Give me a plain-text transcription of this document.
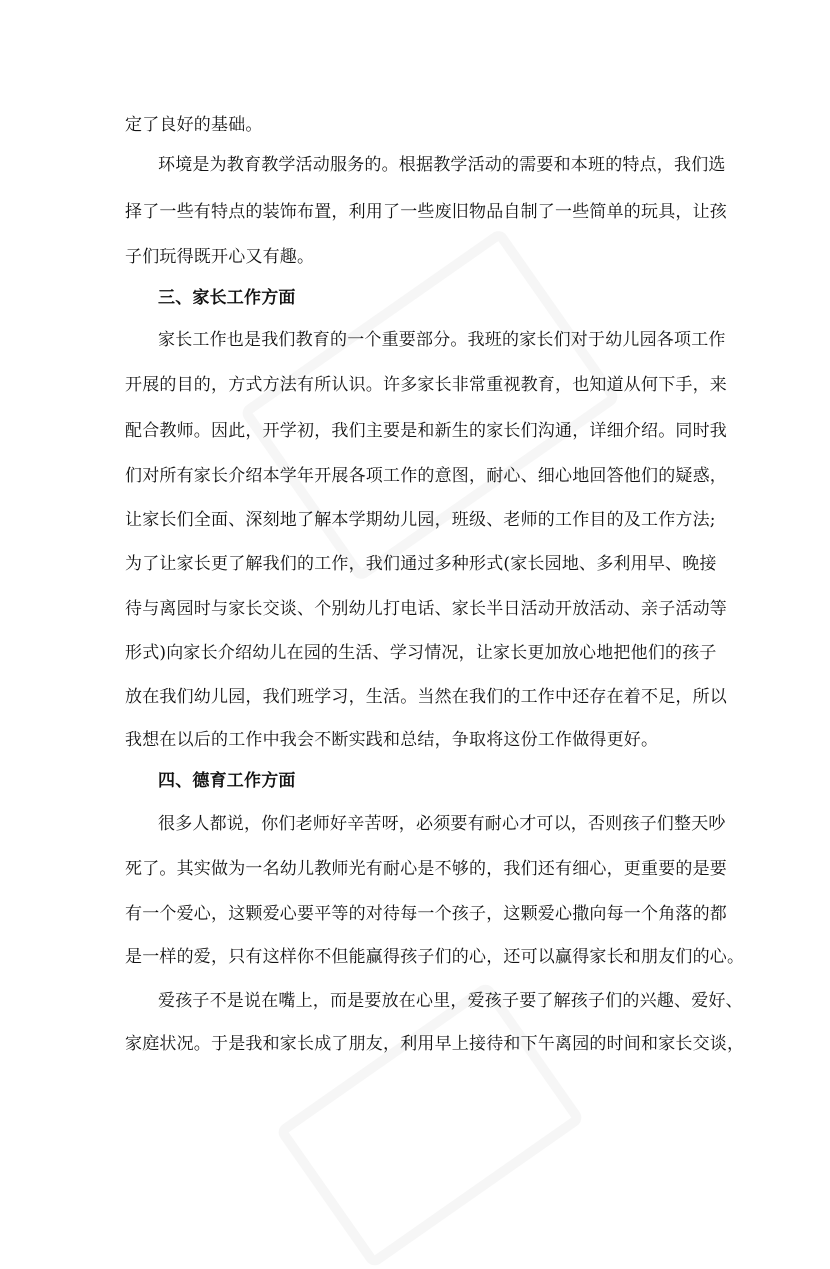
定了良好的基础。
环境是为教育教学活动服务的。根据教学活动的需要和本班的特点，我们选
择了一些有特点的装饰布置，利用了一些废旧物品自制了一些简单的玩具，让孩
子们玩得既开心又有趣。
三、家长工作方面
家长工作也是我们教育的一个重要部分。我班的家长们对于幼儿园各项工作
开展的目的，方式方法有所认识。许多家长非常重视教育，也知道从何下手，来
配合教师。因此，开学初，我们主要是和新生的家长们沟通，详细介绍。同时我
们对所有家长介绍本学年开展各项工作的意图，耐心、细心地回答他们的疑惑，
让家长们全面、深刻地了解本学期幼儿园，班级、老师的工作目的及工作方法;
为了让家长更了解我们的工作，我们通过多种形式(家长园地、多利用早、晚接
待与离园时与家长交谈、个别幼儿打电话、家长半日活动开放活动、亲子活动等
形式)向家长介绍幼儿在园的生活、学习情况，让家长更加放心地把他们的孩子
放在我们幼儿园，我们班学习，生活。当然在我们的工作中还存在着不足，所以
我想在以后的工作中我会不断实践和总结，争取将这份工作做得更好。
四、德育工作方面
很多人都说，你们老师好辛苦呀，必须要有耐心才可以，否则孩子们整天吵
死了。其实做为一名幼儿教师光有耐心是不够的，我们还有细心，更重要的是要
有一个爱心，这颗爱心要平等的对待每一个孩子，这颗爱心撒向每一个角落的都
是一样的爱，只有这样你不但能赢得孩子们的心，还可以赢得家长和朋友们的心。
爱孩子不是说在嘴上，而是要放在心里，爱孩子要了解孩子们的兴趣、爱好、
家庭状况。于是我和家长成了朋友，利用早上接待和下午离园的时间和家长交谈，
